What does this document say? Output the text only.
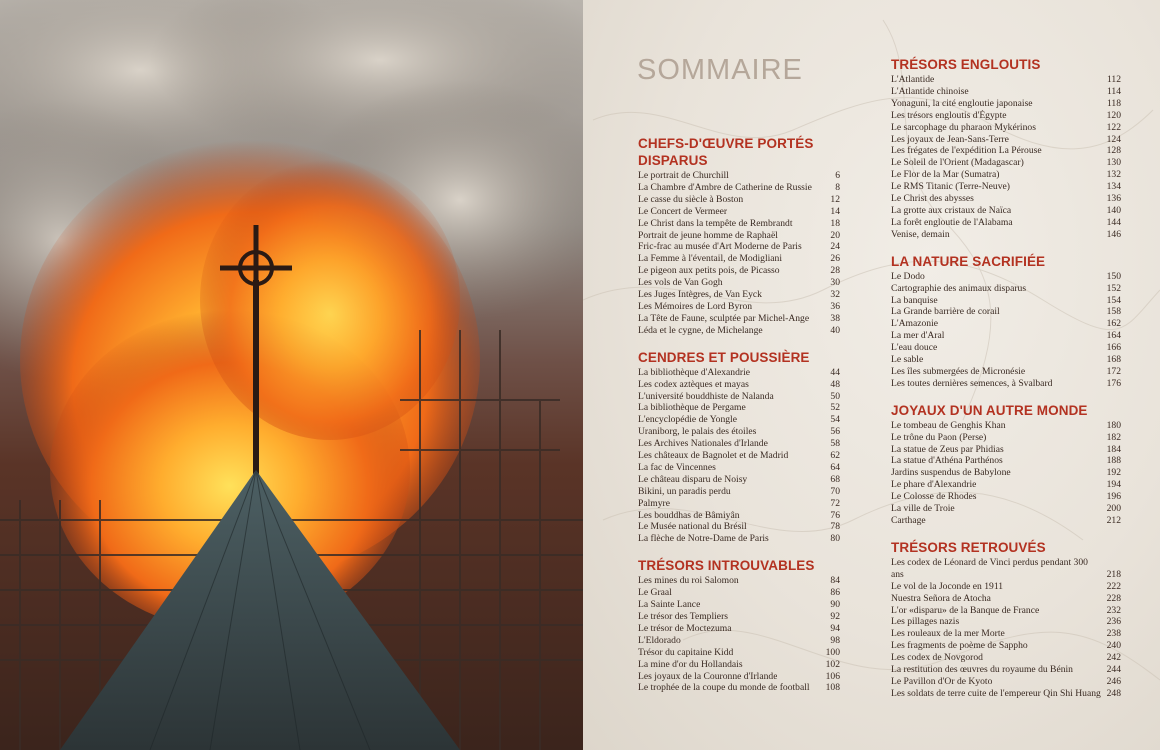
SOMMAIRE
CHEFS-D'ŒUVRE PORTÉS DISPARUS
Le portrait de Churchill	6
La Chambre d'Ambre de Catherine de Russie	8
Le casse du siècle à Boston	12
Le Concert de Vermeer	14
Le Christ dans la tempête de Rembrandt	18
Portrait de jeune homme de Raphaël	20
Fric-frac au musée d'Art Moderne de Paris	24
La Femme à l'éventail, de Modigliani	26
Le pigeon aux petits pois, de Picasso	28
Les vols de Van Gogh	30
Les Juges Intègres, de Van Eyck	32
Les Mémoires de Lord Byron	36
La Tête de Faune, sculptée par Michel-Ange	38
Léda et le cygne, de Michelange	40
CENDRES ET POUSSIÈRE
La bibliothèque d'Alexandrie	44
Les codex aztèques et mayas	48
L'université bouddhiste de Nalanda	50
La bibliothèque de Pergame	52
L'encyclopédie de Yongle	54
Uraniborg, le palais des étoiles	56
Les Archives Nationales d'Irlande	58
Les châteaux de Bagnolet et de Madrid	62
La fac de Vincennes	64
Le château disparu de Noisy	68
Bikini, un paradis perdu	70
Palmyre	72
Les bouddhas de Bâmiyân	76
Le Musée national du Brésil	78
La flèche de Notre-Dame de Paris	80
TRÉSORS INTROUVABLES
Les mines du roi Salomon	84
Le Graal	86
La Sainte Lance	90
Le trésor des Templiers	92
Le trésor de Moctezuma	94
L'Eldorado	98
Trésor du capitaine Kidd	100
La mine d'or du Hollandais	102
Les joyaux de la Couronne d'Irlande	106
Le trophée de la coupe du monde de football	108
TRÉSORS ENGLOUTIS
L'Atlantide	112
L'Atlantide chinoise	114
Yonaguni, la cité engloutie japonaise	118
Les trésors engloutis d'Égypte	120
Le sarcophage du pharaon Mykérinos	122
Les joyaux de Jean-Sans-Terre	124
Les frégates de l'expédition La Pérouse	128
Le Soleil de l'Orient (Madagascar)	130
Le Flor de la Mar (Sumatra)	132
Le RMS Titanic (Terre-Neuve)	134
Le Christ des abysses	136
La grotte aux cristaux de Naïca	140
La forêt engloutie de l'Alabama	144
Venise, demain	146
LA NATURE SACRIFIÉE
Le Dodo	150
Cartographie des animaux disparus	152
La banquise	154
La Grande barrière de corail	158
L'Amazonie	162
La mer d'Aral	164
L'eau douce	166
Le sable	168
Les îles submergées de Micronésie	172
Les toutes dernières semences, à Svalbard	176
JOYAUX D'UN AUTRE MONDE
Le tombeau de Genghis Khan	180
Le trône du Paon (Perse)	182
La statue de Zeus par Phidias	184
La statue d'Athéna Parthénos	188
Jardins suspendus de Babylone	192
Le phare d'Alexandrie	194
Le Colosse de Rhodes	196
La ville de Troie	200
Carthage	212
TRÉSORS RETROUVÉS
Les codex de Léonard de Vinci perdus pendant 300 ans	218
Le vol de la Joconde en 1911	222
Nuestra Señora de Atocha	228
L'or «disparu» de la Banque de France	232
Les pillages nazis	236
Les rouleaux de la mer Morte	238
Les fragments de poème de Sappho	240
Les codex de Novgorod	242
La restitution des œuvres du royaume du Bénin	244
Le Pavillon d'Or de Kyoto	246
Les soldats de terre cuite de l'empereur Qin Shi Huang 248
